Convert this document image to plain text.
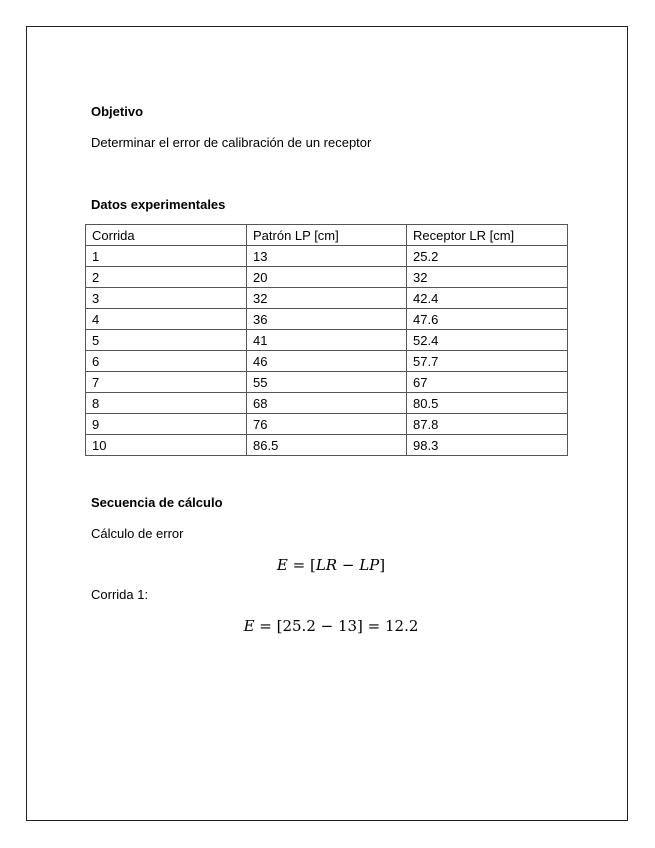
Objetivo
Determinar el error de calibración de un receptor
Datos experimentales
Corrida	Patrón LP [cm]	Receptor LR [cm]
1	13	25.2
2	20	32
3	32	42.4
4	36	47.6
5	41	52.4
6	46	57.7
7	55	67
8	68	80.5
9	76	87.8
10	86.5	98.3
Secuencia de cálculo
Cálculo de error
E = [LR − LP]
Corrida 1:
E = [25.2 − 13] = 12.2
